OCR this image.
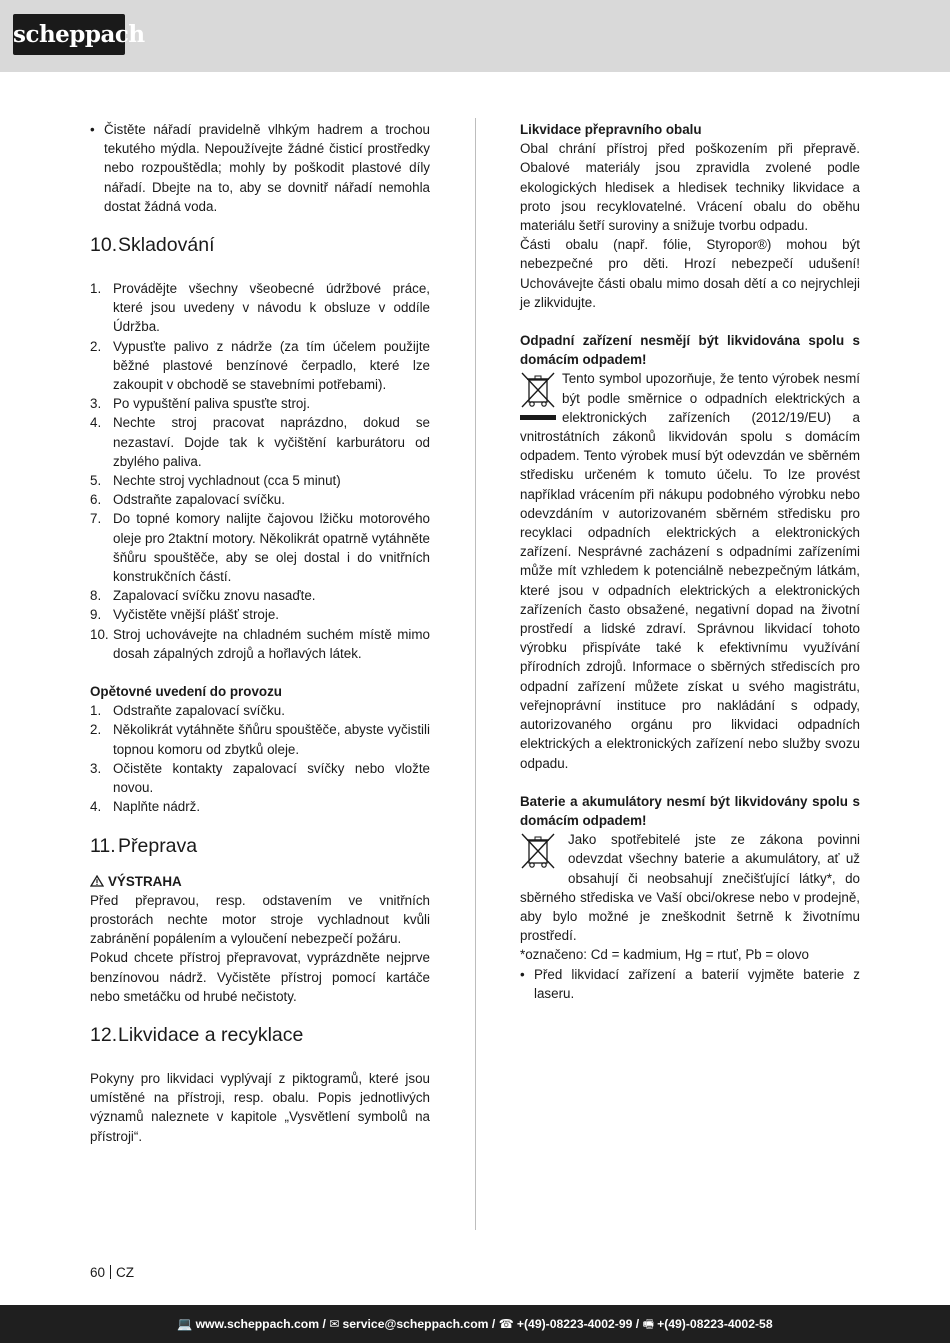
scheppach

• Čistěte nářadí pravidelně vlhkým hadrem a trochou tekutého mýdla. Nepoužívejte žádné čisticí prostředky nebo rozpouštědla; mohly by poškodit plastové díly nářadí. Dbejte na to, aby se dovnitř nářadí nemohla dostat žádná voda.

10.Skladování
1. Provádějte všechny všeobecné údržbové práce, které jsou uvedeny v návodu k obsluze v oddíle Údržba.
2. Vypusťte palivo z nádrže (za tím účelem použijte běžné plastové benzínové čerpadlo, které lze zakoupit v obchodě se stavebními potřebami).
3. Po vypuštění paliva spusťte stroj.
4. Nechte stroj pracovat naprázdno, dokud se nezastaví. Dojde tak k vyčištění karburátoru od zbylého paliva.
5. Nechte stroj vychladnout (cca 5 minut)
6. Odstraňte zapalovací svíčku.
7. Do topné komory nalijte čajovou lžičku motorového oleje pro 2taktní motory. Několikrát opatrně vytáhněte šňůru spouštěče, aby se olej dostal i do vnitřních konstrukčních částí.
8. Zapalovací svíčku znovu nasaďte.
9. Vyčistěte vnější plášť stroje.
10. Stroj uchovávejte na chladném suchém místě mimo dosah zápalných zdrojů a hořlavých látek.

Opětovné uvedení do provozu

1. Odstraňte zapalovací svíčku.
2. Několikrát vytáhněte šňůru spouštěče, abyste vyčistili topnou komoru od zbytků oleje.
3. Očistěte kontakty zapalovací svíčky nebo vložte novou.
4. Naplňte nádrž.
11. Přeprava

VÝSTRAHA

Před přepravou, resp. odstavením ve vnitřních prostorách nechte motor stroje vychladnout kvůli zabránění popálením a vyloučení nebezpečí požáru.

Pokud chcete přístroj přepravovat, vyprázdněte nejprve benzínovou nádrž. Vyčistěte přístroj pomocí kartáče nebo smetáčku od hrubé nečistoty.

12.Likvidace a recyklace

Pokyny pro likvidaci vyplývají z piktogramů, které jsou umístěné na přístroji, resp. obalu. Popis jednotlivých významů naleznete v kapitole „Vysvětlení symbolů na přístroji“.

Likvidace přepravního obalu

Obal chrání přístroj před poškozením při přepravě. Obalové materiály jsou zpravidla zvolené podle ekologických hledisek a hledisek techniky likvidace a proto jsou recyklovatelné. Vrácení obalu do oběhu materiálu šetří suroviny a snižuje tvorbu odpadu.

Části obalu (např. fólie, Styropor®) mohou být nebezpečné pro děti. Hrozí nebezpečí udušení! Uchovávejte části obalu mimo dosah dětí a co nejrychleji je zlikvidujte.

Odpadní zařízení nesmějí být likvidována spolu s domácím odpadem!

Tento symbol upozorňuje, že tento výrobek nesmí být podle směrnice o odpadních elektrických a elektronických zařízeních (2012/19/EU) a vnitrostátních zákonů likvidován spolu s domácím odpadem. Tento výrobek musí být odevzdán ve sběrném středisku určeném k tomuto účelu. To lze provést například vrácením při nákupu podobného výrobku nebo odevzdáním v autorizovaném sběrném středisku pro recyklaci odpadních elektrických a elektronických zařízení. Nesprávné zacházení s odpadními zařízeními může mít vzhledem k potenciálně nebezpečným látkám, které jsou v odpadních elektrických a elektronických zařízeních často obsažené, negativní dopad na životní prostředí a lidské zdraví. Správnou likvidací tohoto výrobku přispíváte také k efektivnímu využívání přírodních zdrojů. Informace o sběrných střediscích pro odpadní zařízení můžete získat u svého magistrátu, veřejnoprávní instituce pro nakládání s odpady, autorizovaného orgánu pro likvidaci odpadních elektrických a elektronických zařízení nebo služby svozu odpadu.

Baterie a akumulátory nesmí být likvidovány spolu s domácím odpadem!

Jako spotřebitelé jste ze zákona povinni odevzdat všechny baterie a akumulátory, ať už obsahují či neobsahují znečišťující látky*, do sběrného střediska ve Vaší obci/okrese nebo v prodejně, aby bylo možné je zneškodnit šetrně k životnímu prostředí.

*označeno: Cd = kadmium, Hg = rtuť, Pb = olovo

• Před likvidací zařízení a baterií vyjměte baterie z laseru.

60 CZ
💻 www.scheppach.com / ✉ service@scheppach.com / ☎ +(49)-08223-4002-99 / 🖷 +(49)-08223-4002-58
